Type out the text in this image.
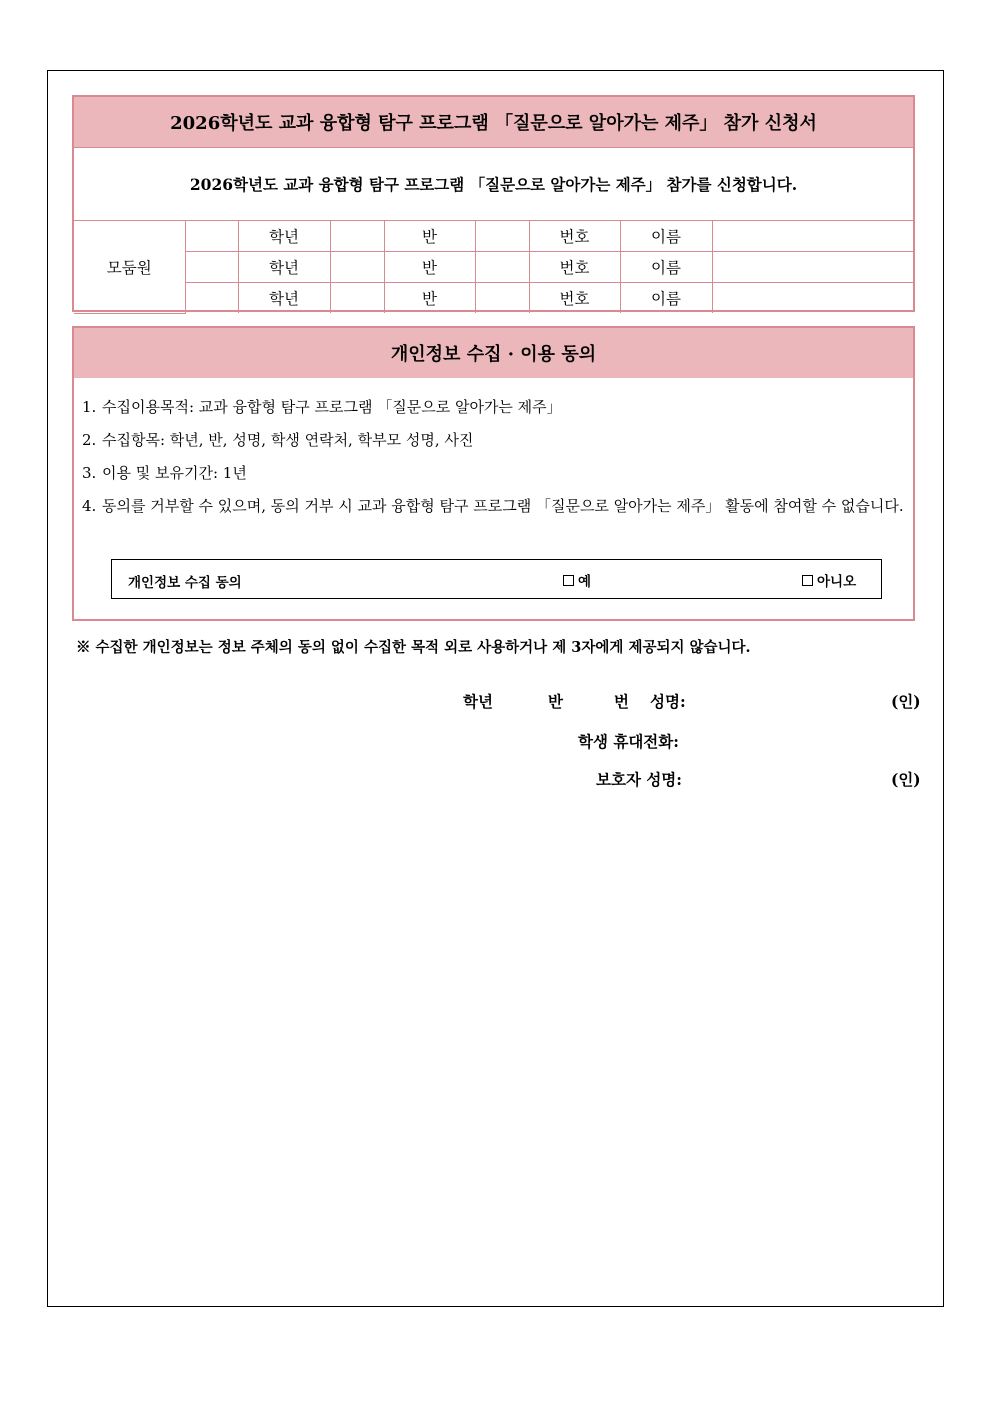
2026학년도 교과 융합형 탐구 프로그램 「질문으로 알아가는 제주」 참가 신청서
2026학년도 교과 융합형 탐구 프로그램 「질문으로 알아가는 제주」 참가를 신청합니다.
모둠원		학년		반		번호	이름	
		학년		반		번호	이름	
		학년		반		번호	이름	
개인정보 수집 · 이용 동의
1. 수집이용목적: 교과 융합형 탐구 프로그램 「질문으로 알아가는 제주」
2. 수집항목: 학년, 반, 성명, 학생 연락처, 학부모 성명, 사진
3. 이용 및 보유기간: 1년
4. 동의를 거부할 수 있으며, 동의 거부 시 교과 융합형 탐구 프로그램 「질문으로 알아가는 제주」 활동에 참여할 수 없습니다.
개인정보 수집 동의	예	아니오
※ 수집한 개인정보는 정보 주체의 동의 없이 수집한 목적 외로 사용하거나 제 3자에게 제공되지 않습니다.
학년	반	번 성명:	(인)
학생 휴대전화:
보호자 성명:	(인)
